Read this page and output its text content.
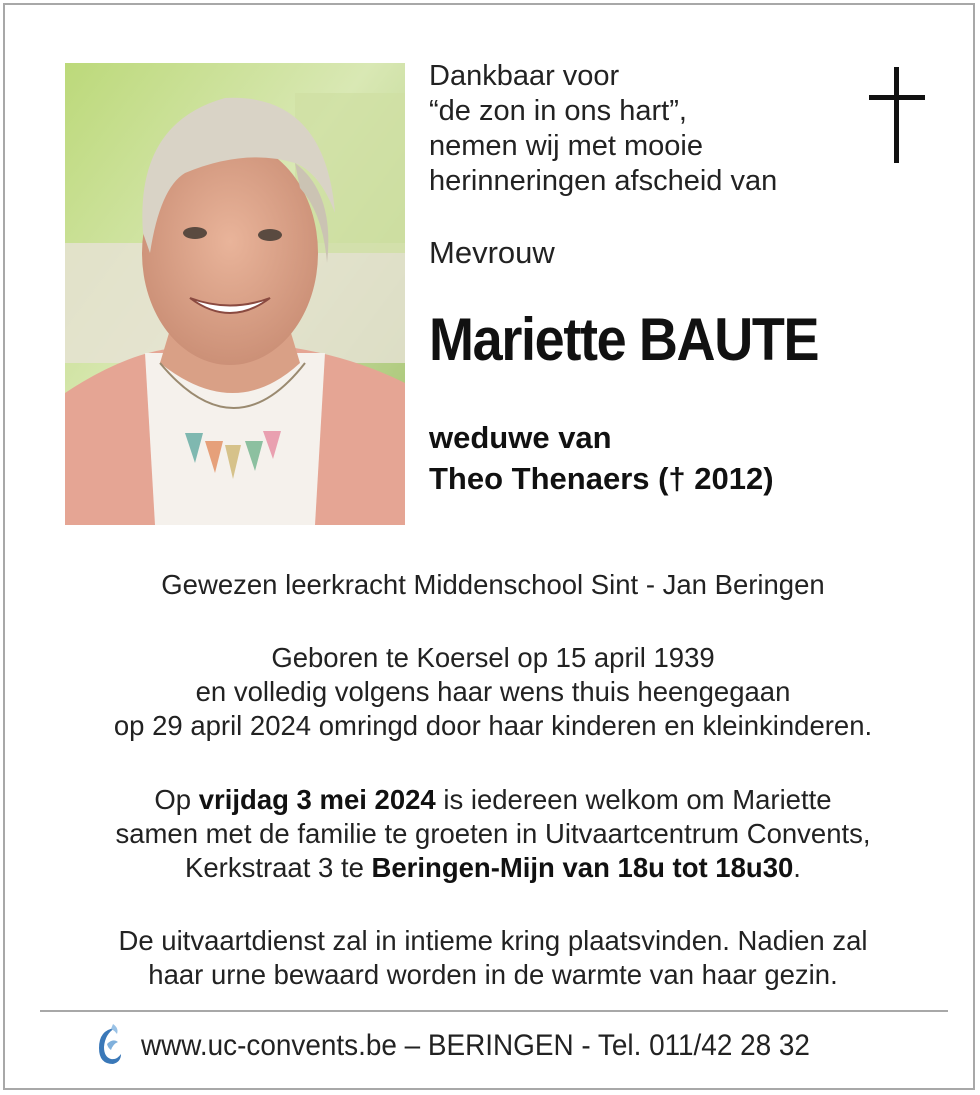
Dankbaar voor
“de zon in ons hart”,
nemen wij met mooie
herinneringen afscheid van
Mevrouw
Mariette BAUTE
weduwe van
Theo Thenaers († 2012)
Gewezen leerkracht Middenschool Sint - Jan Beringen
Geboren te Koersel op 15 april 1939
en volledig volgens haar wens thuis heengegaan
op 29 april 2024 omringd door haar kinderen en kleinkinderen.
Op vrijdag 3 mei 2024 is iedereen welkom om Mariette
samen met de familie te groeten in Uitvaartcentrum Convents,
Kerkstraat 3 te Beringen-Mijn van 18u tot 18u30.
De uitvaartdienst zal in intieme kring plaatsvinden. Nadien zal
haar urne bewaard worden in de warmte van haar gezin.
www.uc-convents.be – BERINGEN - Tel. 011/42 28 32
